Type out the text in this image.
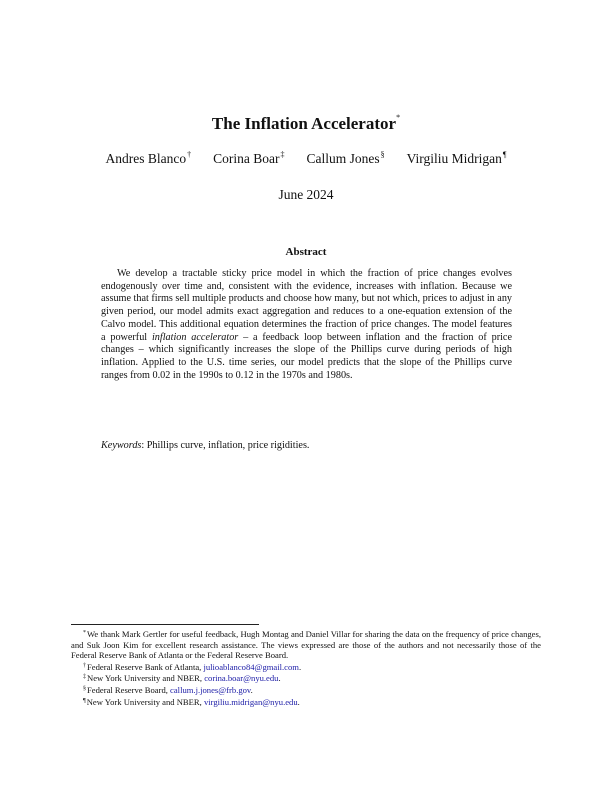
The Inflation Accelerator*
Andres Blanco† Corina Boar‡ Callum Jones§ Virgiliu Midrigan¶
June 2024
Abstract

We develop a tractable sticky price model in which the fraction of price changes evolves endogenously over time and, consistent with the evidence, increases with inflation. Because we assume that firms sell multiple products and choose how many, but not which, prices to adjust in any given period, our model admits exact aggregation and reduces to a one-equation extension of the Calvo model. This additional equation determines the fraction of price changes. The model features a powerful inflation accelerator – a feedback loop between inflation and the fraction of price changes – which significantly increases the slope of the Phillips curve during periods of high inflation. Applied to the U.S. time series, our model predicts that the slope of the Phillips curve ranges from 0.02 in the 1990s to 0.12 in the 1970s and 1980s.

Keywords: Phillips curve, inflation, price rigidities.

*We thank Mark Gertler for useful feedback, Hugh Montag and Daniel Villar for sharing the data on the frequency of price changes, and Suk Joon Kim for excellent research assistance. The views expressed are those of the authors and not necessarily those of the Federal Reserve Bank of Atlanta or the Federal Reserve Board.

†Federal Reserve Bank of Atlanta, julioablanco84@gmail.com.

‡New York University and NBER, corina.boar@nyu.edu.

§Federal Reserve Board, callum.j.jones@frb.gov.

¶New York University and NBER, virgiliu.midrigan@nyu.edu.
